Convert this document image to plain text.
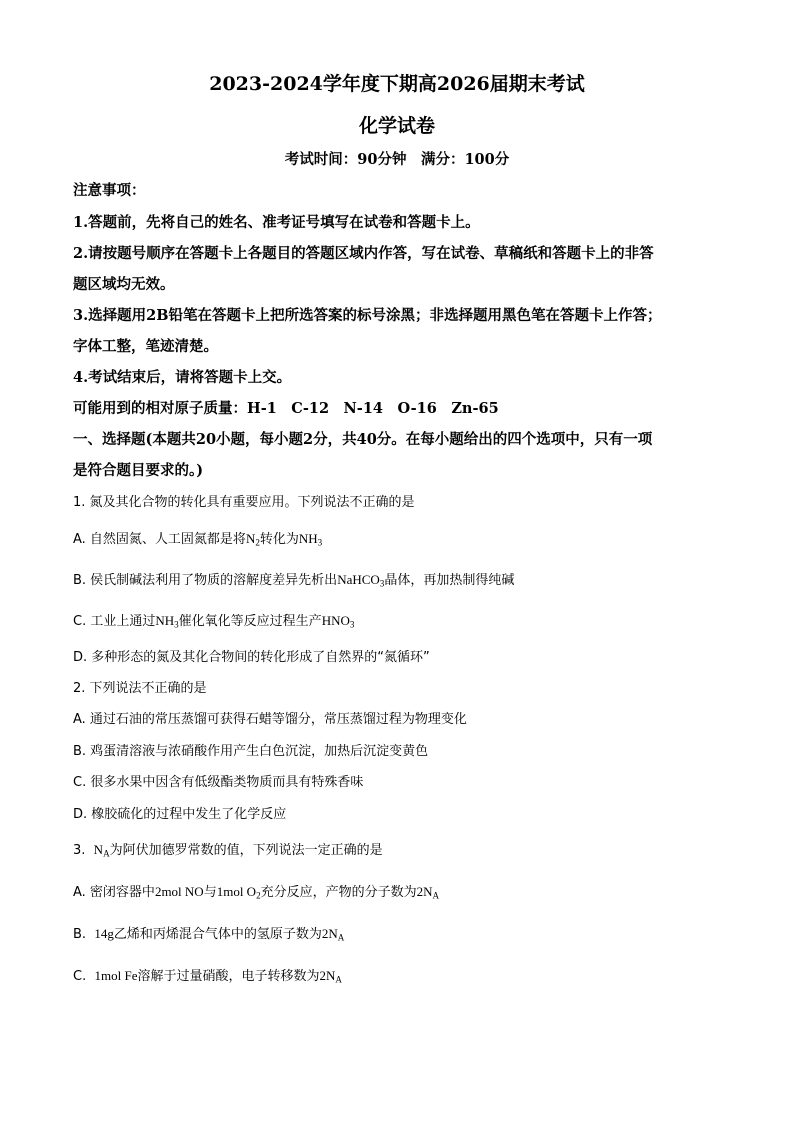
2023-2024学年度下期高2026届期末考试
化学试卷
考试时间：90分钟　满分：100分
注意事项：
1.答题前，先将自己的姓名、准考证号填写在试卷和答题卡上。
2.请按题号顺序在答题卡上各题目的答题区域内作答，写在试卷、草稿纸和答题卡上的非答
题区域均无效。
3.选择题用2B铅笔在答题卡上把所选答案的标号涂黑；非选择题用黑色笔在答题卡上作答；
字体工整，笔迹清楚。
4.考试结束后，请将答题卡上交。
可能用到的相对原子质量：H-1　C-12　N-14　O-16　Zn-65
一、选择题(本题共20小题，每小题2分，共40分。在每小题给出的四个选项中，只有一项
是符合题目要求的。)
1. 氮及其化合物的转化具有重要应用。下列说法不正确的是
A. 自然固氮、人工固氮都是将$N_2$转化为$NH_3$
B. 侯氏制碱法利用了物质的溶解度差异先析出NaHCO$_3$晶体，再加热制得纯碱
C. 工业上通过$NH_3$催化氧化等反应过程生产$HNO_3$
D. 多种形态的氮及其化合物间的转化形成了自然界的“氮循环”
2. 下列说法不正确的是
A. 通过石油的常压蒸馏可获得石蜡等馏分，常压蒸馏过程为物理变化
B. 鸡蛋清溶液与浓硝酸作用产生白色沉淀，加热后沉淀变黄色
C. 很多水果中因含有低级酯类物质而具有特殊香味
D. 橡胶硫化的过程中发生了化学反应
3. $N_A$为阿伏加德罗常数的值，下列说法一定正确的是
A. 密闭容器中2mol NO与1mol $O_2$充分反应，产物的分子数为$2N_A$
B. 14g乙烯和丙烯混合气体中的氢原子数为$2N_A$
C. 1mol Fe溶解于过量硝酸，电子转移数为$2N_A$
